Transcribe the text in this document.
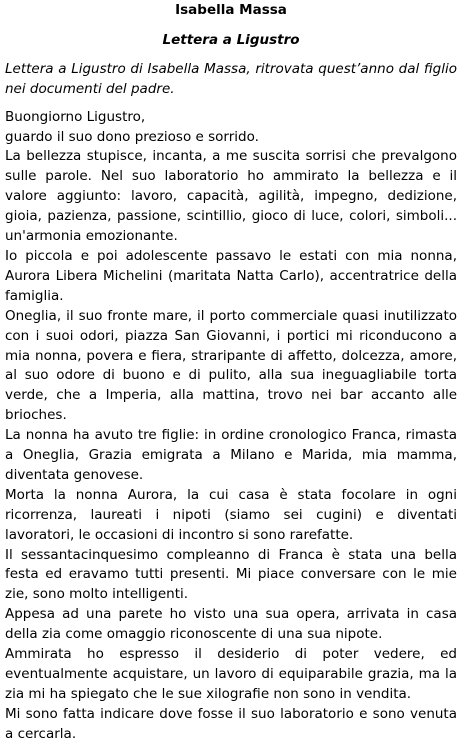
Isabella Massa
Lettera a Ligustro

Lettera a Ligustro di Isabella Massa, ritrovata quest’anno dal figlio nei documenti del padre.

Buongiorno Ligustro,

guardo il suo dono prezioso e sorrido.

La bellezza stupisce, incanta, a me suscita sorrisi che prevalgono sulle parole. Nel suo laboratorio ho ammirato la bellezza e il valore aggiunto: lavoro, capacità, agilità, impegno, dedizione, gioia, pazienza, passione, scintillio, gioco di luce, colori, simboli... un'armonia emozionante.

Io piccola e poi adolescente passavo le estati con mia nonna, Aurora Libera Michelini (maritata Natta Carlo), accentratrice della famiglia.

Oneglia, il suo fronte mare, il porto commerciale quasi inutilizzato con i suoi odori, piazza San Giovanni, i portici mi riconducono a mia nonna, povera e fiera, straripante di affetto, dolcezza, amore, al suo odore di buono e di pulito, alla sua ineguagliabile torta verde, che a Imperia, alla mattina, trovo nei bar accanto alle brioches.

La nonna ha avuto tre figlie: in ordine cronologico Franca, rimasta a Oneglia, Grazia emigrata a Milano e Marida, mia mamma, diventata genovese.

Morta la nonna Aurora, la cui casa è stata focolare in ogni ricorrenza, laureati i nipoti (siamo sei cugini) e diventati lavoratori, le occasioni di incontro si sono rarefatte.

Il sessantacinquesimo compleanno di Franca è stata una bella festa ed eravamo tutti presenti. Mi piace conversare con le mie zie, sono molto intelligenti.

Appesa ad una parete ho visto una sua opera, arrivata in casa della zia come omaggio riconoscente di una sua nipote.

Ammirata ho espresso il desiderio di poter vedere, ed eventualmente acquistare, un lavoro di equiparabile grazia, ma la zia mi ha spiegato che le sue xilografie non sono in vendita.

Mi sono fatta indicare dove fosse il suo laboratorio e sono venuta a cercarla.
